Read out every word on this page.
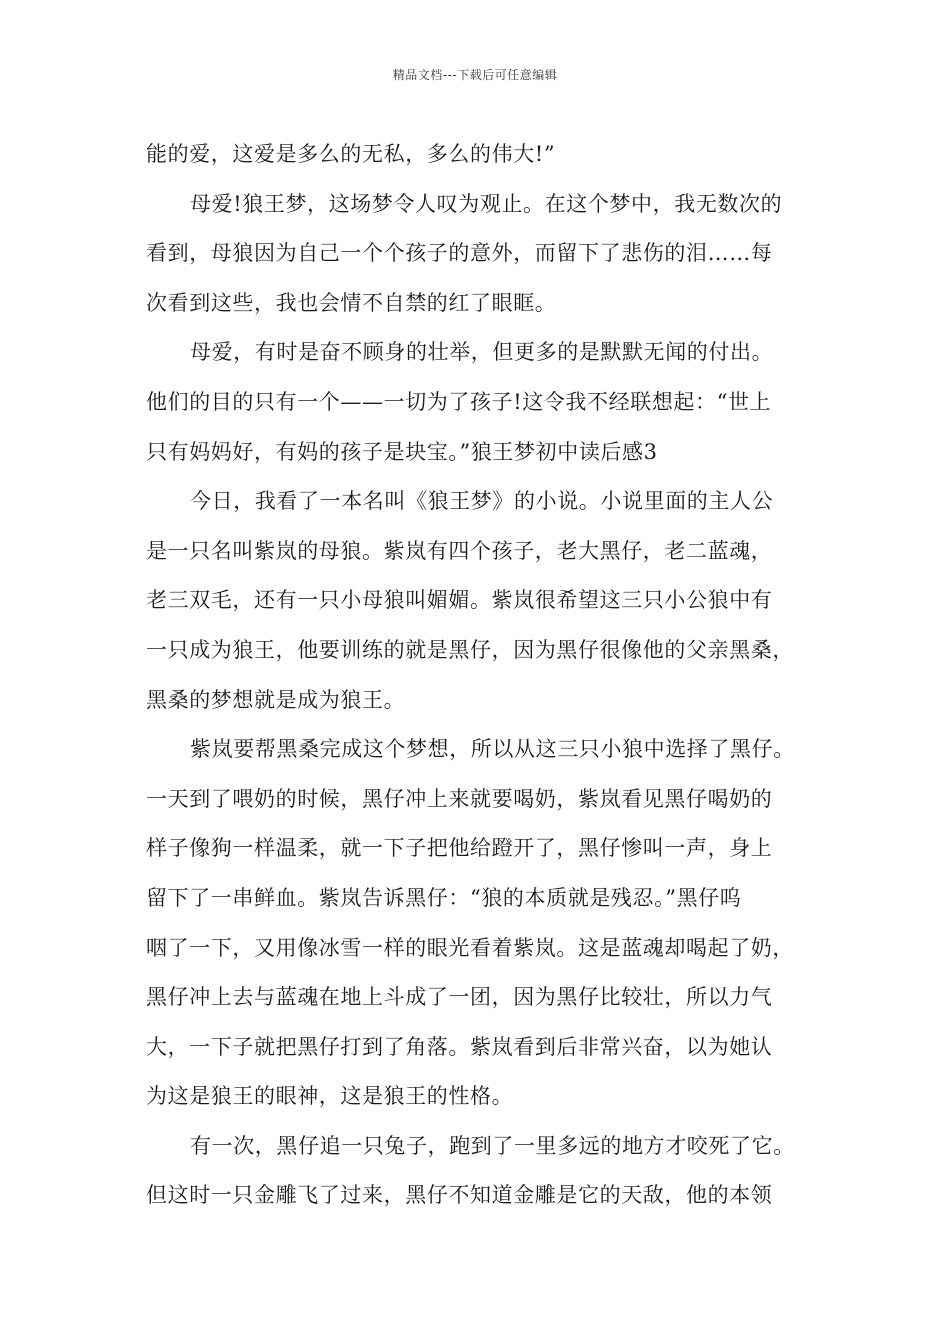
精品文档---下载后可任意编辑
能的爱，这爱是多么的无私，多么的伟大!”
母爱!狼王梦，这场梦令人叹为观止。在这个梦中，我无数次的
看到，母狼因为自己一个个孩子的意外，而留下了悲伤的泪……每
次看到这些，我也会情不自禁的红了眼眶。
母爱，有时是奋不顾身的壮举，但更多的是默默无闻的付出。
他们的目的只有一个——一切为了孩子!这令我不经联想起：“世上
只有妈妈好，有妈的孩子是块宝。”狼王梦初中读后感3
今日，我看了一本名叫《狼王梦》的小说。小说里面的主人公
是一只名叫紫岚的母狼。紫岚有四个孩子，老大黑仔，老二蓝魂，
老三双毛，还有一只小母狼叫媚媚。紫岚很希望这三只小公狼中有
一只成为狼王，他要训练的就是黑仔，因为黑仔很像他的父亲黑桑，
黑桑的梦想就是成为狼王。
紫岚要帮黑桑完成这个梦想，所以从这三只小狼中选择了黑仔。
一天到了喂奶的时候，黑仔冲上来就要喝奶，紫岚看见黑仔喝奶的
样子像狗一样温柔，就一下子把他给蹬开了，黑仔惨叫一声，身上
留下了一串鲜血。紫岚告诉黑仔：“狼的本质就是残忍。”黑仔呜
咽了一下，又用像冰雪一样的眼光看着紫岚。这是蓝魂却喝起了奶，
黑仔冲上去与蓝魂在地上斗成了一团，因为黑仔比较壮，所以力气
大，一下子就把黑仔打到了角落。紫岚看到后非常兴奋，以为她认
为这是狼王的眼神，这是狼王的性格。
有一次，黑仔追一只兔子，跑到了一里多远的地方才咬死了它。
但这时一只金雕飞了过来，黑仔不知道金雕是它的天敌，他的本领
